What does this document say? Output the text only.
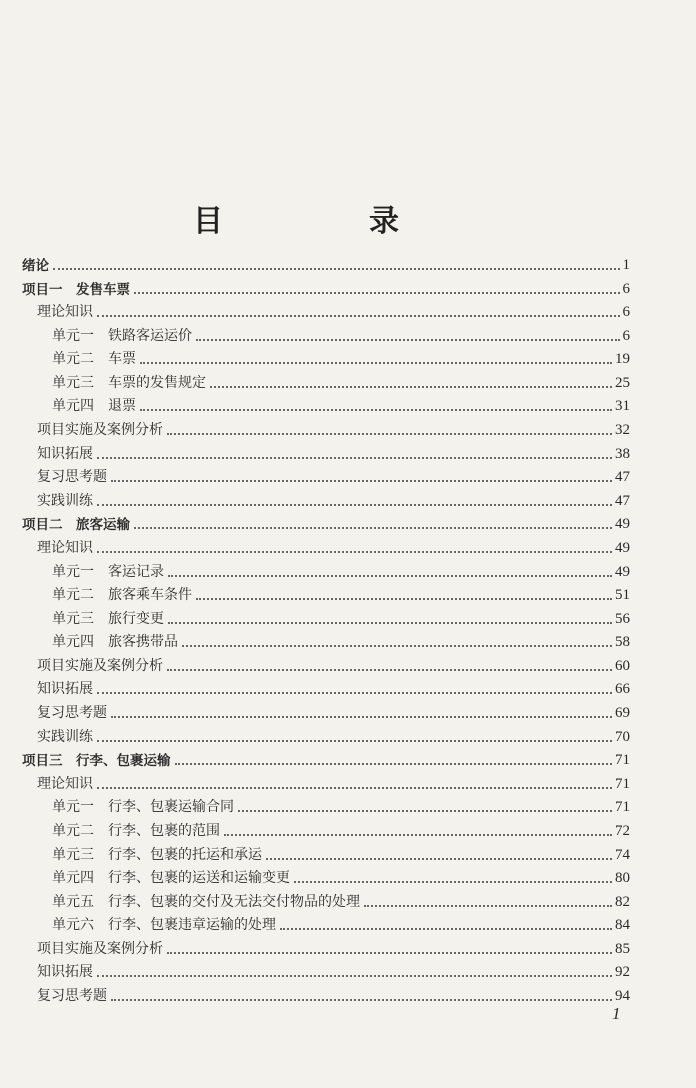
目　录
绪论	1
项目一　发售车票	6
理论知识	6
单元一　铁路客运运价	6
单元二　车票	19
单元三　车票的发售规定	25
单元四　退票	31
项目实施及案例分析	32
知识拓展	38
复习思考题	47
实践训练	47
项目二　旅客运输	49
理论知识	49
单元一　客运记录	49
单元二　旅客乘车条件	51
单元三　旅行变更	56
单元四　旅客携带品	58
项目实施及案例分析	60
知识拓展	66
复习思考题	69
实践训练	70
项目三　行李、包裹运输	71
理论知识	71
单元一　行李、包裹运输合同	71
单元二　行李、包裹的范围	72
单元三　行李、包裹的托运和承运	74
单元四　行李、包裹的运送和运输变更	80
单元五　行李、包裹的交付及无法交付物品的处理	82
单元六　行李、包裹违章运输的处理	84
项目实施及案例分析	85
知识拓展	92
复习思考题	94
1
